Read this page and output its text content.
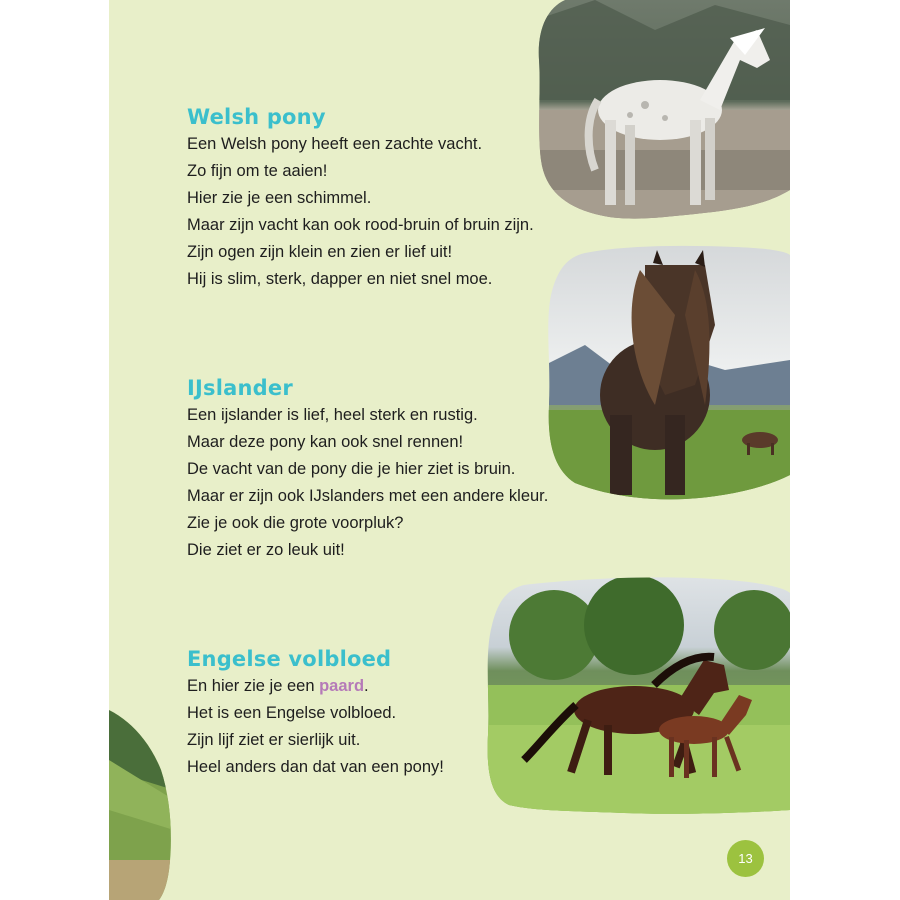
Welsh pony
Een Welsh pony heeft een zachte vacht.
Zo fijn om te aaien!
Hier zie je een schimmel.
Maar zijn vacht kan ook rood-bruin of bruin zijn.
Zijn ogen zijn klein en zien er lief uit!
Hij is slim, sterk, dapper en niet snel moe.
IJslander
Een ijslander is lief, heel sterk en rustig.
Maar deze pony kan ook snel rennen!
De vacht van de pony die je hier ziet is bruin.
Maar er zijn ook IJslanders met een andere kleur.
Zie je ook die grote voorpluk?
Die ziet er zo leuk uit!
Engelse volbloed
En hier zie je een paard.
Het is een Engelse volbloed.
Zijn lijf ziet er sierlijk uit.
Heel anders dan dat van een pony!
13
